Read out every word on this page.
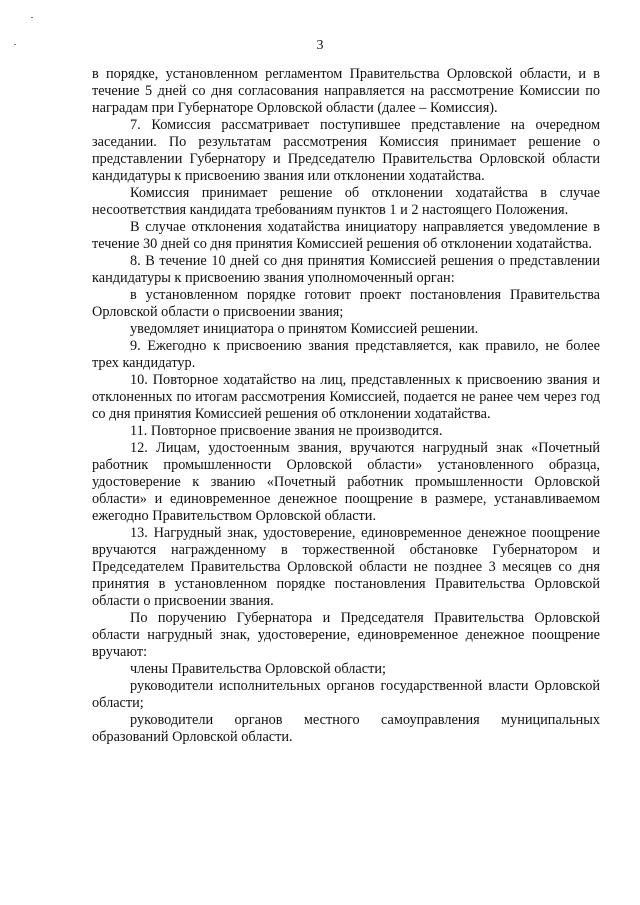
3

в порядке, установленном регламентом Правительства Орловской области, и в течение 5 дней со дня согласования направляется на рассмотрение Комиссии по наградам при Губернаторе Орловской области (далее – Комиссия).

7. Комиссия рассматривает поступившее представление на очередном заседании. По результатам рассмотрения Комиссия принимает решение о представлении Губернатору и Председателю Правительства Орловской области кандидатуры к присвоению звания или отклонении ходатайства.

Комиссия принимает решение об отклонении ходатайства в случае несоответствия кандидата требованиям пунктов 1 и 2 настоящего Положения.

В случае отклонения ходатайства инициатору направляется уведомление в течение 30 дней со дня принятия Комиссией решения об отклонении ходатайства.

8. В течение 10 дней со дня принятия Комиссией решения о представлении кандидатуры к присвоению звания уполномоченный орган:

в установленном порядке готовит проект постановления Правительства Орловской области о присвоении звания;

уведомляет инициатора о принятом Комиссией решении.

9. Ежегодно к присвоению звания представляется, как правило, не более трех кандидатур.

10. Повторное ходатайство на лиц, представленных к присвоению звания и отклоненных по итогам рассмотрения Комиссией, подается не ранее чем через год со дня принятия Комиссией решения об отклонении ходатайства.

11. Повторное присвоение звания не производится.

12. Лицам, удостоенным звания, вручаются нагрудный знак «Почетный работник промышленности Орловской области» установленного образца, удостоверение к званию «Почетный работник промышленности Орловской области» и единовременное денежное поощрение в размере, устанавливаемом ежегодно Правительством Орловской области.

13. Нагрудный знак, удостоверение, единовременное денежное поощрение вручаются награжденному в торжественной обстановке Губернатором и Председателем Правительства Орловской области не позднее 3 месяцев со дня принятия в установленном порядке постановления Правительства Орловской области о присвоении звания.

По поручению Губернатора и Председателя Правительства Орловской области нагрудный знак, удостоверение, единовременное денежное поощрение вручают:

члены Правительства Орловской области;

руководители исполнительных органов государственной власти Орловской области;

руководители органов местного самоуправления муниципальных образований Орловской области.
